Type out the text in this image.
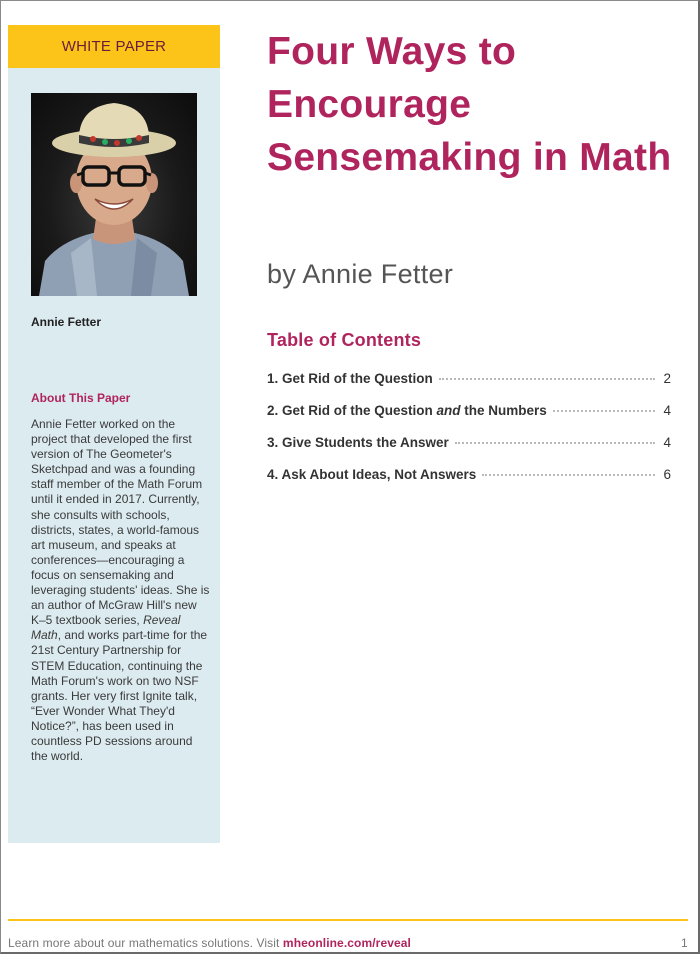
WHITE PAPER
Annie Fetter
About This Paper

Annie Fetter worked on the project that developed the first version of The Geometer's Sketchpad and was a founding staff member of the Math Forum until it ended in 2017. Currently, she consults with schools, districts, states, a world-famous art museum, and speaks at conferences—encouraging a focus on sensemaking and leveraging students' ideas. She is an author of McGraw Hill's new K–5 textbook series, Reveal Math, and works part-time for the 21st Century Partnership for STEM Education, continuing the Math Forum's work on two NSF grants. Her very first Ignite talk, “Ever Wonder What They'd Notice?”, has been used in countless PD sessions around the world.

Four Ways to Encourage Sensemaking in Math
by Annie Fetter
Table of Contents
1. Get Rid of the Question	2
2. Get Rid of the Question and the Numbers	4
3. Give Students the Answer	4
4. Ask About Ideas, Not Answers	6
Learn more about our mathematics solutions. Visit mheonline.com/reveal	1
